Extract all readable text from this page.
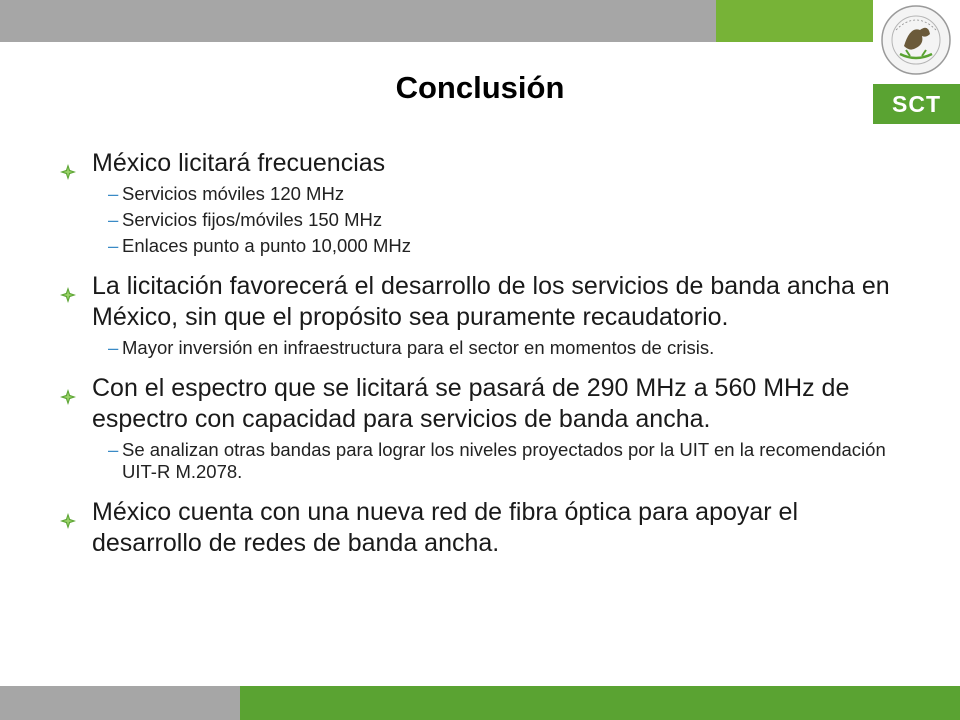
SCT
Conclusión
México licitará frecuencias
– Servicios móviles 120 MHz
– Servicios fijos/móviles 150 MHz
– Enlaces punto a punto 10,000 MHz
La licitación favorecerá el desarrollo de los servicios de banda ancha en México, sin que el propósito sea puramente recaudatorio.
– Mayor inversión en infraestructura para el sector en momentos de crisis.
Con el espectro que se licitará se pasará de 290 MHz a 560 MHz de espectro con capacidad para servicios de banda ancha.
– Se analizan otras bandas para lograr los niveles proyectados por la UIT en la recomendación UIT-R M.2078.
México cuenta con una nueva red de fibra óptica para apoyar el desarrollo de redes de banda ancha.
